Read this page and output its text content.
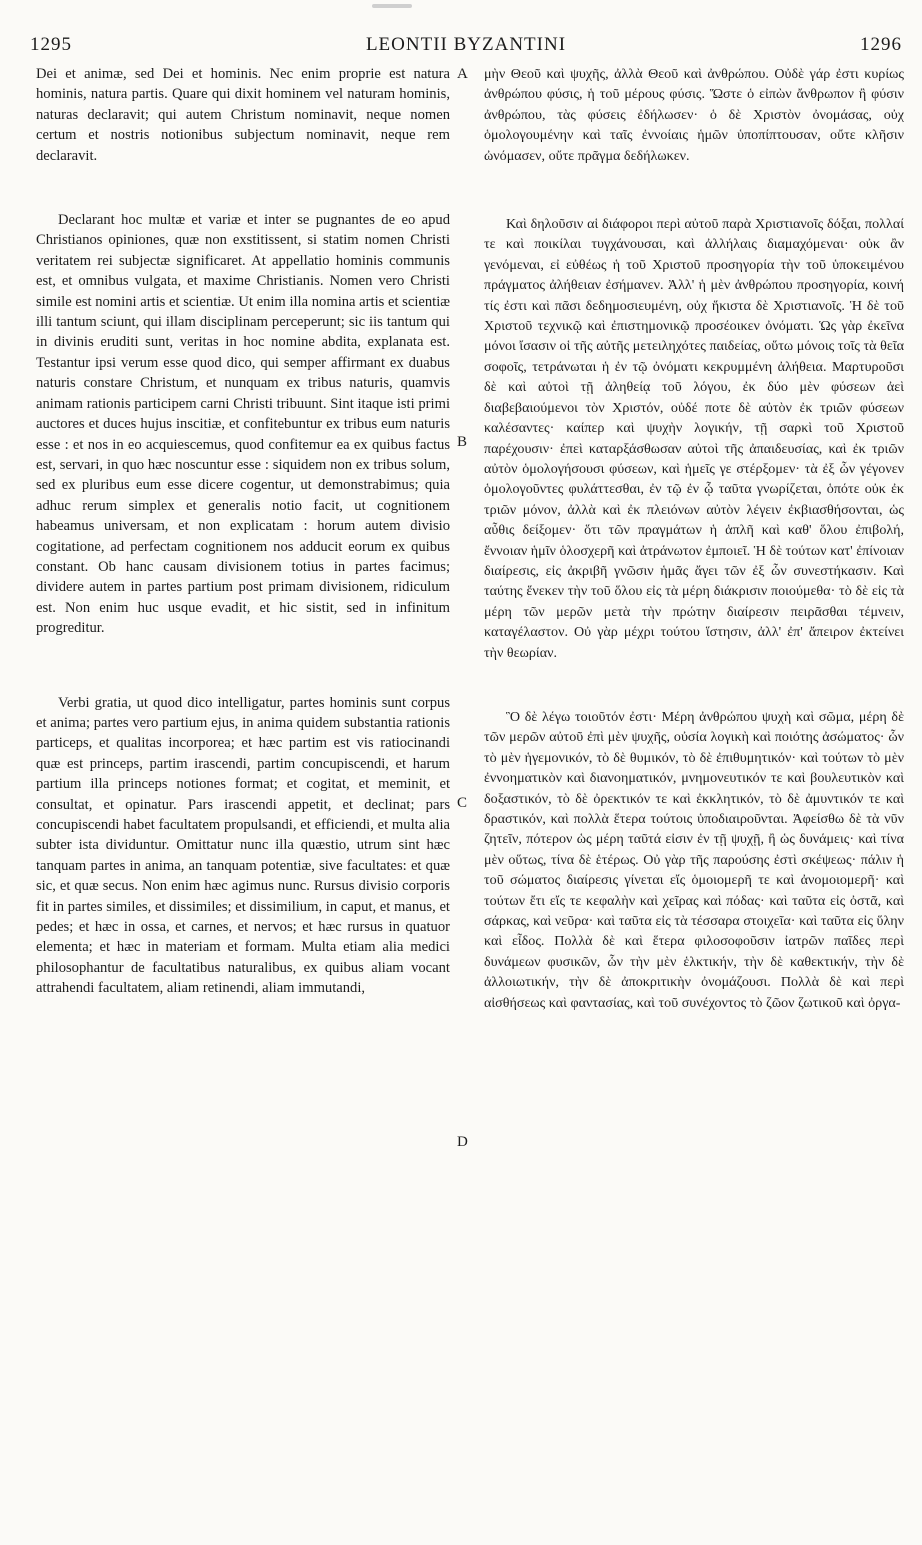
1295	LEONTII BYZANTINI	1296
A
B
C
D

Dei et animæ, sed Dei et hominis. Nec enim proprie est natura hominis, natura partis. Quare qui dixit hominem vel naturam hominis, naturas declaravit; qui autem Christum nominavit, neque nomen certum et nostris notionibus subjectum nominavit, neque rem declaravit.

Declarant hoc multæ et variæ et inter se pugnantes de eo apud Christianos opiniones, quæ non exstitissent, si statim nomen Christi veritatem rei subjectæ significaret. At appellatio hominis communis est, et omnibus vulgata, et maxime Christianis. Nomen vero Christi simile est nomini artis et scientiæ. Ut enim illa nomina artis et scientiæ illi tantum sciunt, qui illam disciplinam perceperunt; sic iis tantum qui in divinis eruditi sunt, veritas in hoc nomine abdita, explanata est. Testantur ipsi verum esse quod dico, qui semper affirmant ex duabus naturis constare Christum, et nunquam ex tribus naturis, quamvis animam rationis participem carni Christi tribuunt. Sint itaque isti primi auctores et duces hujus inscitiæ, et confitebuntur ex tribus eum naturis esse : et nos in eo acquiescemus, quod confitemur ea ex quibus factus est, servari, in quo hæc noscuntur esse : siquidem non ex tribus solum, sed ex pluribus eum esse dicere cogentur, ut demonstrabimus; quia adhuc rerum simplex et generalis notio facit, ut cognitionem habeamus universam, et non explicatam : horum autem divisio cogitatione, ad perfectam cognitionem nos adducit eorum ex quibus constant. Ob hanc causam divisionem totius in partes facimus; dividere autem in partes partium post primam divisionem, ridiculum est. Non enim huc usque evadit, et hic sistit, sed in infinitum progreditur.

Verbi gratia, ut quod dico intelligatur, partes hominis sunt corpus et anima; partes vero partium ejus, in anima quidem substantia rationis particeps, et qualitas incorporea; et hæc partim est vis ratiocinandi quæ est princeps, partim irascendi, partim concupiscendi, et harum partium illa princeps notiones format; et cogitat, et meminit, et consultat, et opinatur. Pars irascendi appetit, et declinat; pars concupiscendi habet facultatem propulsandi, et efficiendi, et multa alia subter ista dividuntur. Omittatur nunc illa quæstio, utrum sint hæc tanquam partes in anima, an tanquam potentiæ, sive facultates: et quæ sic, et quæ secus. Non enim hæc agimus nunc. Rursus divisio corporis fit in partes similes, et dissimiles; et dissimilium, in caput, et manus, et pedes; et hæc in ossa, et carnes, et nervos; et hæc rursus in quatuor elementa; et hæc in materiam et formam. Multa etiam alia medici philosophantur de facultatibus naturalibus, ex quibus aliam vocant attrahendi facultatem, aliam retinendi, aliam immutandi,

μὴν Θεοῦ καὶ ψυχῆς, ἀλλὰ Θεοῦ καὶ ἀνθρώπου. Οὐδὲ γάρ ἐστι κυρίως ἀνθρώπου φύσις, ἡ τοῦ μέρους φύσις. Ὥστε ὁ εἰπὼν ἄνθρωπον ἢ φύσιν ἀνθρώπου, τὰς φύσεις ἐδήλωσεν· ὁ δὲ Χριστὸν ὀνομάσας, οὐχ ὁμολογουμένην καὶ ταῖς ἐννοίαις ἡμῶν ὑποπίπτουσαν, οὔτε κλῆσιν ὠνόμασεν, οὔτε πρᾶγμα δεδήλωκεν.

Καὶ δηλοῦσιν αἱ διάφοροι περὶ αὐτοῦ παρὰ Χριστιανοῖς δόξαι, πολλαί τε καὶ ποικίλαι τυγχάνουσαι, καὶ ἀλλήλαις διαμαχόμεναι· οὐκ ἂν γενόμεναι, εἰ εὐθέως ἡ τοῦ Χριστοῦ προσηγορία τὴν τοῦ ὑποκειμένου πράγματος ἀλήθειαν ἐσήμανεν. Ἀλλ' ἡ μὲν ἀνθρώπου προσηγορία, κοινή τίς ἐστι καὶ πᾶσι δεδημοσιευμένη, οὐχ ἥκιστα δὲ Χριστιανοῖς. Ἡ δὲ τοῦ Χριστοῦ τεχνικῷ καὶ ἐπιστημονικῷ προσέοικεν ὀνόματι. Ὡς γὰρ ἐκεῖνα μόνοι ἴσασιν οἱ τῆς αὐτῆς μετειληχότες παιδείας, οὕτω μόνοις τοῖς τὰ θεῖα σοφοῖς, τετράνωται ἡ ἐν τῷ ὀνόματι κεκρυμμένη ἀλήθεια. Μαρτυροῦσι δὲ καὶ αὐτοὶ τῇ ἀληθείᾳ τοῦ λόγου, ἐκ δύο μὲν φύσεων ἀεὶ διαβεβαιούμενοι τὸν Χριστόν, οὐδέ ποτε δὲ αὐτὸν ἐκ τριῶν φύσεων καλέσαντες· καίπερ καὶ ψυχὴν λογικήν, τῇ σαρκὶ τοῦ Χριστοῦ παρέχουσιν· ἐπεὶ καταρξάσθωσαν αὐτοὶ τῆς ἀπαιδευσίας, καὶ ἐκ τριῶν αὐτὸν ὁμολογήσουσι φύσεων, καὶ ἡμεῖς γε στέρξομεν· τὰ ἐξ ὧν γέγονεν ὁμολογοῦντες φυλάττεσθαι, ἐν τῷ ἐν ᾧ ταῦτα γνωρίζεται, ὁπότε οὐκ ἐκ τριῶν μόνον, ἀλλὰ καὶ ἐκ πλειόνων αὐτὸν λέγειν ἐκβιασθήσονται, ὡς αὖθις δείξομεν· ὅτι τῶν πραγμάτων ἡ ἁπλῆ καὶ καθ' ὅλου ἐπιβολή, ἔννοιαν ἡμῖν ὁλοσχερῆ καὶ ἀτράνωτον ἐμποιεῖ. Ἡ δὲ τούτων κατ' ἐπίνοιαν διαίρεσις, εἰς ἀκριβῆ γνῶσιν ἡμᾶς ἄγει τῶν ἐξ ὧν συνεστήκασιν. Καὶ ταύτης ἕνεκεν τὴν τοῦ ὅλου εἰς τὰ μέρη διάκρισιν ποιούμεθα· τὸ δὲ εἰς τὰ μέρη τῶν μερῶν μετὰ τὴν πρώτην διαίρεσιν πειρᾶσθαι τέμνειν, καταγέλαστον. Οὐ γὰρ μέχρι τούτου ἵστησιν, ἀλλ' ἐπ' ἄπειρον ἐκτείνει τὴν θεωρίαν.

Ὃ δὲ λέγω τοιοῦτόν ἐστι· Μέρη ἀνθρώπου ψυχὴ καὶ σῶμα, μέρη δὲ τῶν μερῶν αὐτοῦ ἐπὶ μὲν ψυχῆς, οὐσία λογικὴ καὶ ποιότης ἀσώματος· ὧν τὸ μὲν ἡγεμονικόν, τὸ δὲ θυμικόν, τὸ δὲ ἐπιθυμητικόν· καὶ τούτων τὸ μὲν ἐννοηματικὸν καὶ διανοηματικόν, μνημονευτικόν τε καὶ βουλευτικὸν καὶ δοξαστικόν, τὸ δὲ ὀρεκτικόν τε καὶ ἐκκλητικόν, τὸ δὲ ἀμυντικόν τε καὶ δραστικόν, καὶ πολλὰ ἕτερα τούτοις ὑποδιαιροῦνται. Ἀφείσθω δὲ τὰ νῦν ζητεῖν, πότερον ὡς μέρη ταῦτά εἰσιν ἐν τῇ ψυχῇ, ἢ ὡς δυνάμεις· καὶ τίνα μὲν οὕτως, τίνα δὲ ἑτέρως. Οὐ γὰρ τῆς παρούσης ἐστὶ σκέψεως· πάλιν ἡ τοῦ σώματος διαίρεσις γίνεται εἴς ὁμοιομερῆ τε καὶ ἀνομοιομερῆ· καὶ τούτων ἔτι εἴς τε κεφαλὴν καὶ χεῖρας καὶ πόδας· καὶ ταῦτα εἰς ὀστᾶ, καὶ σάρκας, καὶ νεῦρα· καὶ ταῦτα εἰς τὰ τέσσαρα στοιχεῖα· καὶ ταῦτα εἰς ὕλην καὶ εἶδος. Πολλὰ δὲ καὶ ἕτερα φιλοσοφοῦσιν ἰατρῶν παῖδες περὶ δυνάμεων φυσικῶν, ὧν τὴν μὲν ἑλκτικήν, τὴν δὲ καθεκτικήν, τὴν δὲ ἀλλοιωτικήν, τὴν δὲ ἀποκριτικὴν ὀνομάζουσι. Πολλὰ δὲ καὶ περὶ αἰσθήσεως καὶ φαντασίας, καὶ τοῦ συνέχοντος τὸ ζῶον ζωτικοῦ καὶ ὀργα-
